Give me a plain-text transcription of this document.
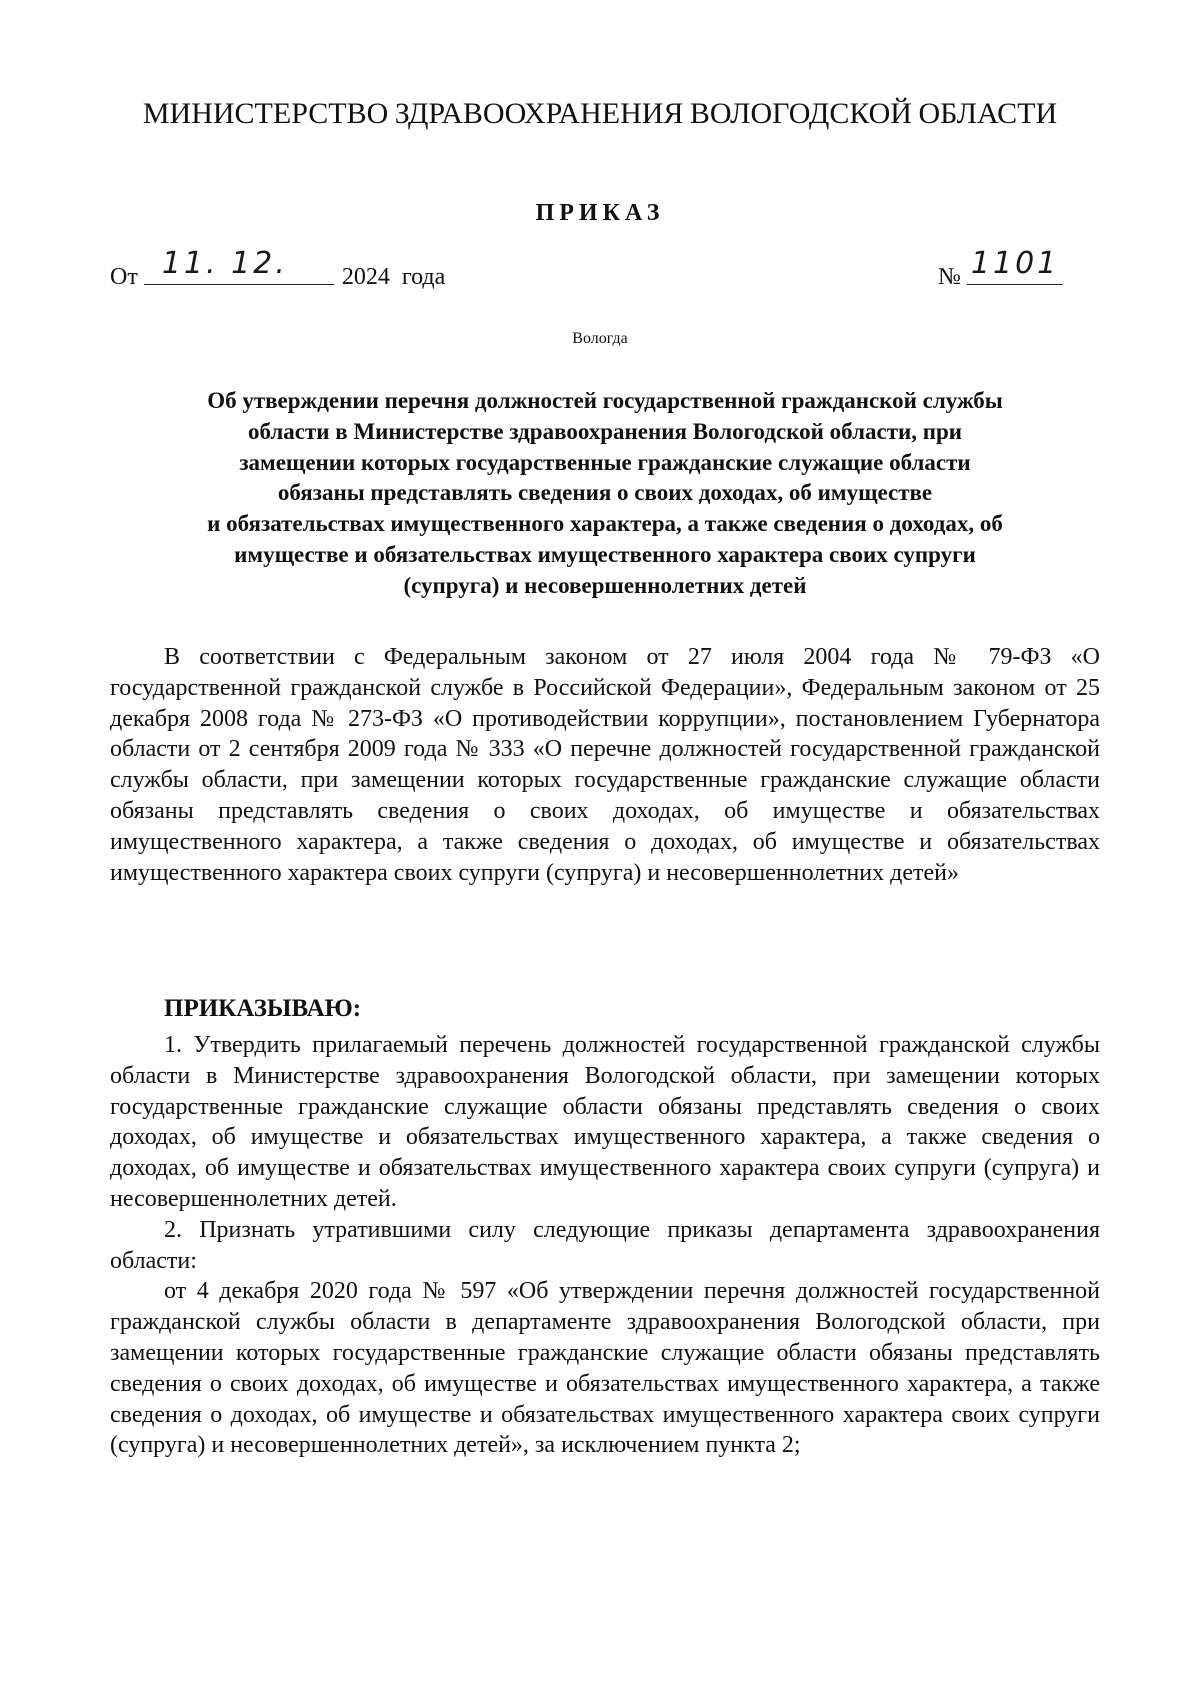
МИНИСТЕРСТВО ЗДРАВООХРАНЕНИЯ ВОЛОГОДСКОЙ ОБЛАСТИ
ПРИКАЗ
От 11. 12. 2024  года	№ 1101
Вологда
Об утверждении перечня должностей государственной гражданской службы
области в Министерстве здравоохранения Вологодской области, при
замещении которых государственные гражданские служащие области
обязаны представлять сведения о своих доходах, об имуществе
и обязательствах имущественного характера, а также сведения о доходах, об
имуществе и обязательствах имущественного характера своих супруги
(супруга) и несовершеннолетних детей

В соответствии с Федеральным законом от 27 июля 2004 года № 79-ФЗ «О государственной гражданской службе в Российской Федерации», Федеральным законом от 25 декабря 2008 года № 273-ФЗ «О противодействии коррупции», постановлением Губернатора области от 2 сентября 2009 года № 333 «О перечне должностей государственной гражданской службы области, при замещении которых государственные гражданские служащие области обязаны представлять сведения о своих доходах, об имуществе и обязательствах имущественного характера, а также сведения о доходах, об имуществе и обязательствах имущественного характера своих супруги (супруга) и несовершеннолетних детей»

ПРИКАЗЫВАЮ:

1. Утвердить прилагаемый перечень должностей государственной гражданской службы области в Министерстве здравоохранения Вологодской области, при замещении которых государственные гражданские служащие области обязаны представлять сведения о своих доходах, об имуществе и обязательствах имущественного характера, а также сведения о доходах, об имуществе и обязательствах имущественного характера своих супруги (супруга) и несовершеннолетних детей.

2. Признать утратившими силу следующие приказы департамента здравоохранения области:

от 4 декабря 2020 года № 597 «Об утверждении перечня должностей государственной гражданской службы области в департаменте здравоохранения Вологодской области, при замещении которых государственные гражданские служащие области обязаны представлять сведения о своих доходах, об имуществе и обязательствах имущественного характера, а также сведения о доходах, об имуществе и обязательствах имущественного характера своих супруги (супруга) и несовершеннолетних детей», за исключением пункта 2;
